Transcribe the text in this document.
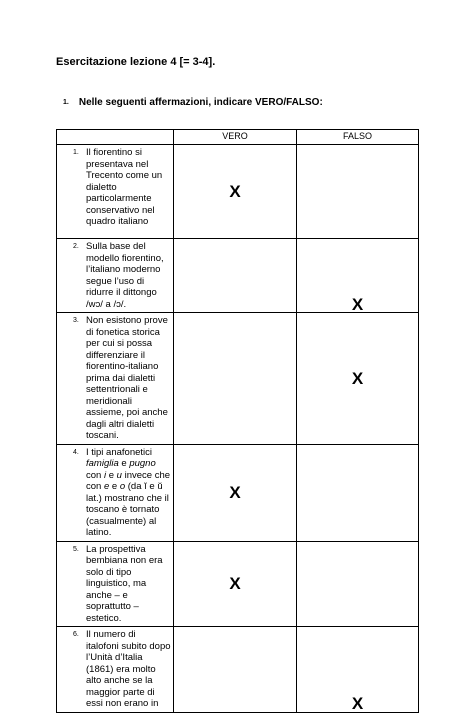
Esercitazione lezione 4 [= 3-4].
1. Nelle seguenti affermazioni, indicare VERO/FALSO:
	VERO	FALSO

1. Il fiorentino si presentava nel Trecento come un dialetto particolarmente conservativo nel quadro italiano	X	

2. Sulla base del modello fiorentino, l’italiano moderno segue l’uso di ridurre il dittongo /wɔ/ a /ɔ/.		X

3. Non esistono prove di fonetica storica per cui si possa differenziare il fiorentino-italiano prima dai dialetti settentrionali e meridionali assieme, poi anche dagli altri dialetti toscani.		X

4. I tipi anafonetici famiglia e pugno con i e u invece che con e e o (da ĭ e ŭ lat.) mostrano che il toscano è tornato (casualmente) al latino.	X	

5. La prospettiva bembiana non era solo di tipo linguistico, ma anche – e soprattutto – estetico.	X	

6. Il numero di italofoni subito dopo l’Unità d’Italia (1861) era molto alto anche se la maggior parte di essi non erano in		X
